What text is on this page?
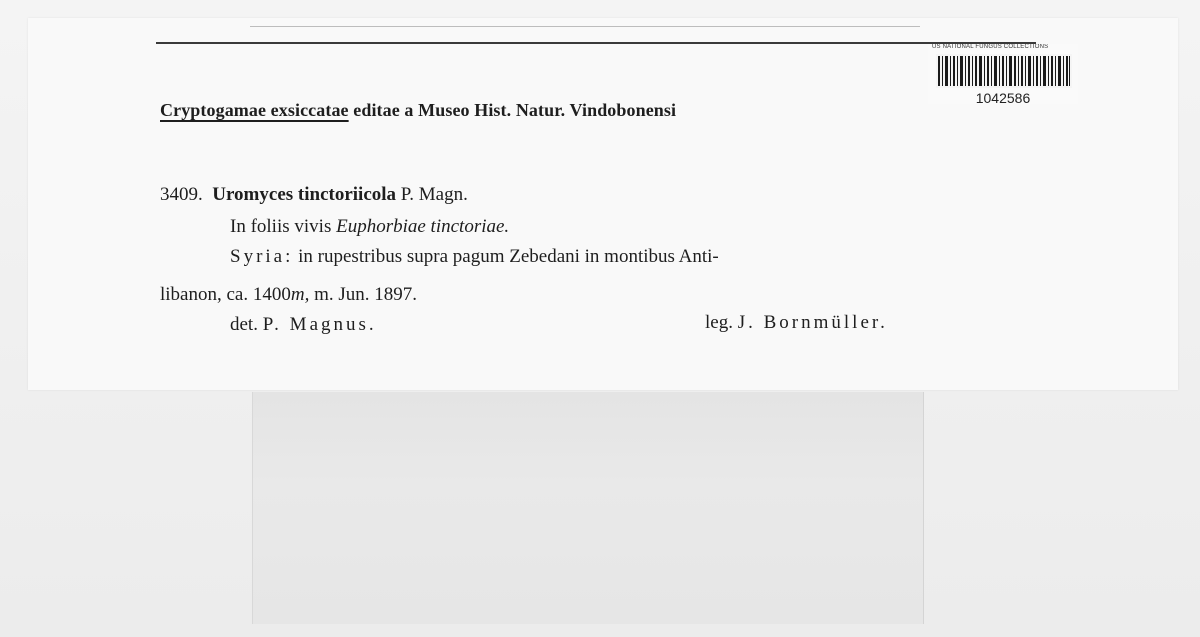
US NATIONAL FUNGUS COLLECTIONS
1042586
Cryptogamae exsiccatae editae a Museo Hist. Natur. Vindobonensi
3409. Uromyces tinctoriicola P. Magn.
In foliis vivis Euphorbiae tinctoriae.
Syria: in rupestribus supra pagum Zebedani in montibus Anti-
libanon, ca. 1400m, m. Jun. 1897.
det. P. Magnus.	leg. J. Bornmüller.
